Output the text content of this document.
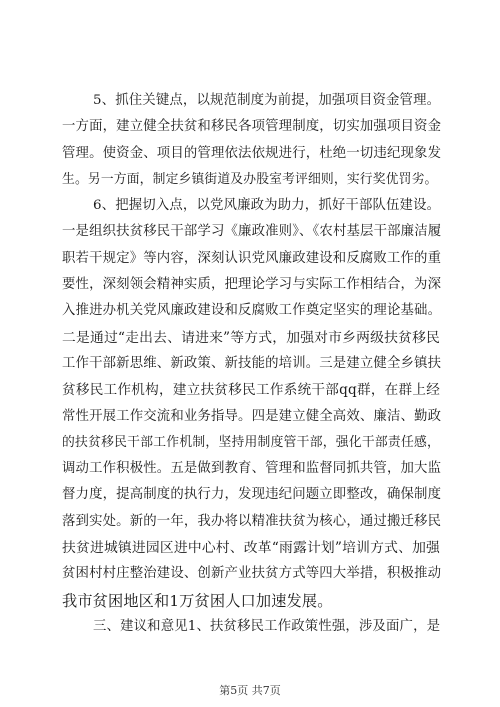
5、抓住关键点，以规范制度为前提，加强项目资金管理。
一方面，建立健全扶贫和移民各项管理制度，切实加强项目资金
管理。使资金、项目的管理依法依规进行，杜绝一切违纪现象发
生。另一方面，制定乡镇街道及办股室考评细则，实行奖优罚劣。
6、把握切入点，以党风廉政为助力，抓好干部队伍建设。
一是组织扶贫移民干部学习《廉政准则》、《农村基层干部廉洁履
职若干规定》等内容，深刻认识党风廉政建设和反腐败工作的重
要性，深刻领会精神实质，把理论学习与实际工作相结合，为深
入推进办机关党风廉政建设和反腐败工作奠定坚实的理论基础。
二是通过“走出去、请进来”等方式，加强对市乡两级扶贫移民
工作干部新思维、新政策、新技能的培训。三是建立健全乡镇扶
贫移民工作机构，建立扶贫移民工作系统干部qq群，在群上经
常性开展工作交流和业务指导。四是建立健全高效、廉洁、勤政
的扶贫移民干部工作机制，坚持用制度管干部，强化干部责任感，
调动工作积极性。五是做到教育、管理和监督同抓共管，加大监
督力度，提高制度的执行力，发现违纪问题立即整改，确保制度
落到实处。新的一年，我办将以精准扶贫为核心，通过搬迁移民
扶贫进城镇进园区进中心村、改革“雨露计划”培训方式、加强
贫困村村庄整治建设、创新产业扶贫方式等四大举措，积极推动
我市贫困地区和1万贫困人口加速发展。
三、建议和意见1、扶贫移民工作政策性强，涉及面广，是
第5页 共7页
